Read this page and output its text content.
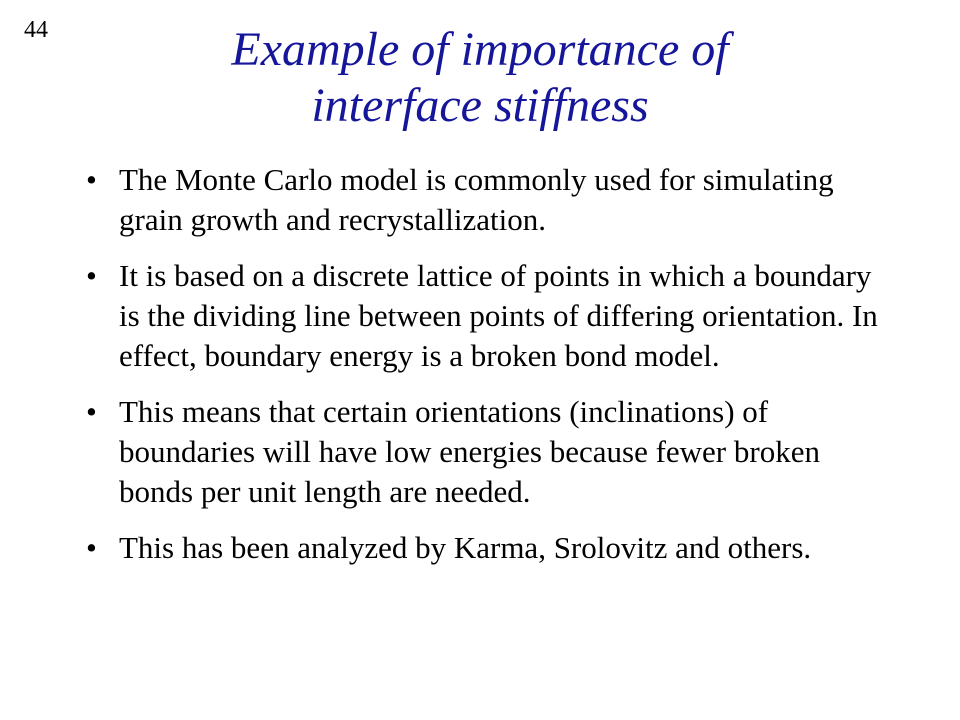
44	Example of importance of
interface stiffness
• The Monte Carlo model is commonly used for simulating grain growth and recrystallization.
• It is based on a discrete lattice of points in which a boundary is the dividing line between points of differing orientation. In effect, boundary energy is a broken bond model.
• This means that certain orientations (inclinations) of boundaries will have low energies because fewer broken bonds per unit length are needed.
• This has been analyzed by Karma, Srolovitz and others.
